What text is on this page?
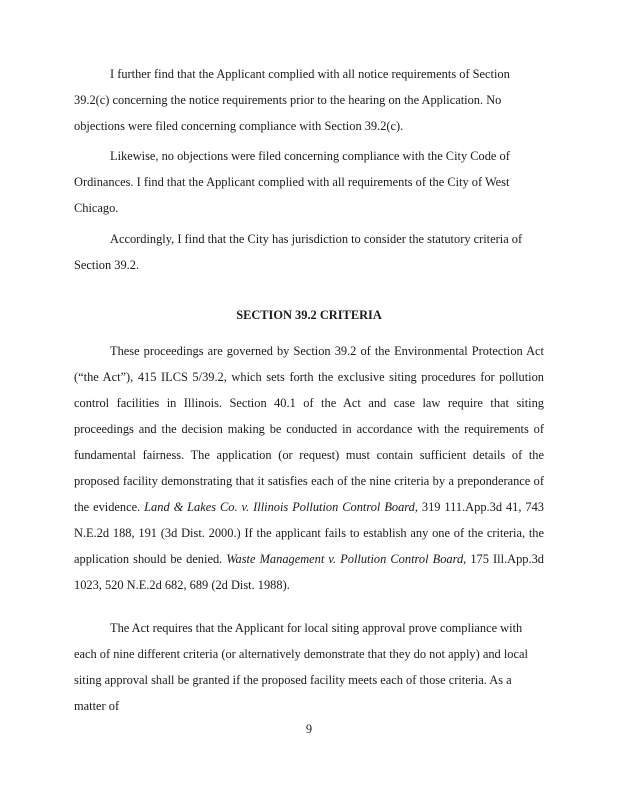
I further find that the Applicant complied with all notice requirements of Section 39.2(c) concerning the notice requirements prior to the hearing on the Application. No objections were filed concerning compliance with Section 39.2(c).

Likewise, no objections were filed concerning compliance with the City Code of Ordinances. I find that the Applicant complied with all requirements of the City of West Chicago.

Accordingly, I find that the City has jurisdiction to consider the statutory criteria of Section 39.2.

SECTION 39.2 CRITERIA

These proceedings are governed by Section 39.2 of the Environmental Protection Act (“the Act”), 415 ILCS 5/39.2, which sets forth the exclusive siting procedures for pollution control facilities in Illinois. Section 40.1 of the Act and case law require that siting proceedings and the decision making be conducted in accordance with the requirements of fundamental fairness. The application (or request) must contain sufficient details of the proposed facility demonstrating that it satisfies each of the nine criteria by a preponderance of the evidence. Land & Lakes Co. v. Illinois Pollution Control Board, 319 111.App.3d 41, 743 N.E.2d 188, 191 (3d Dist. 2000.) If the applicant fails to establish any one of the criteria, the application should be denied. Waste Management v. Pollution Control Board, 175 Ill.App.3d 1023, 520 N.E.2d 682, 689 (2d Dist. 1988).

The Act requires that the Applicant for local siting approval prove compliance with each of nine different criteria (or alternatively demonstrate that they do not apply) and local siting approval shall be granted if the proposed facility meets each of those criteria. As a matter of

9
